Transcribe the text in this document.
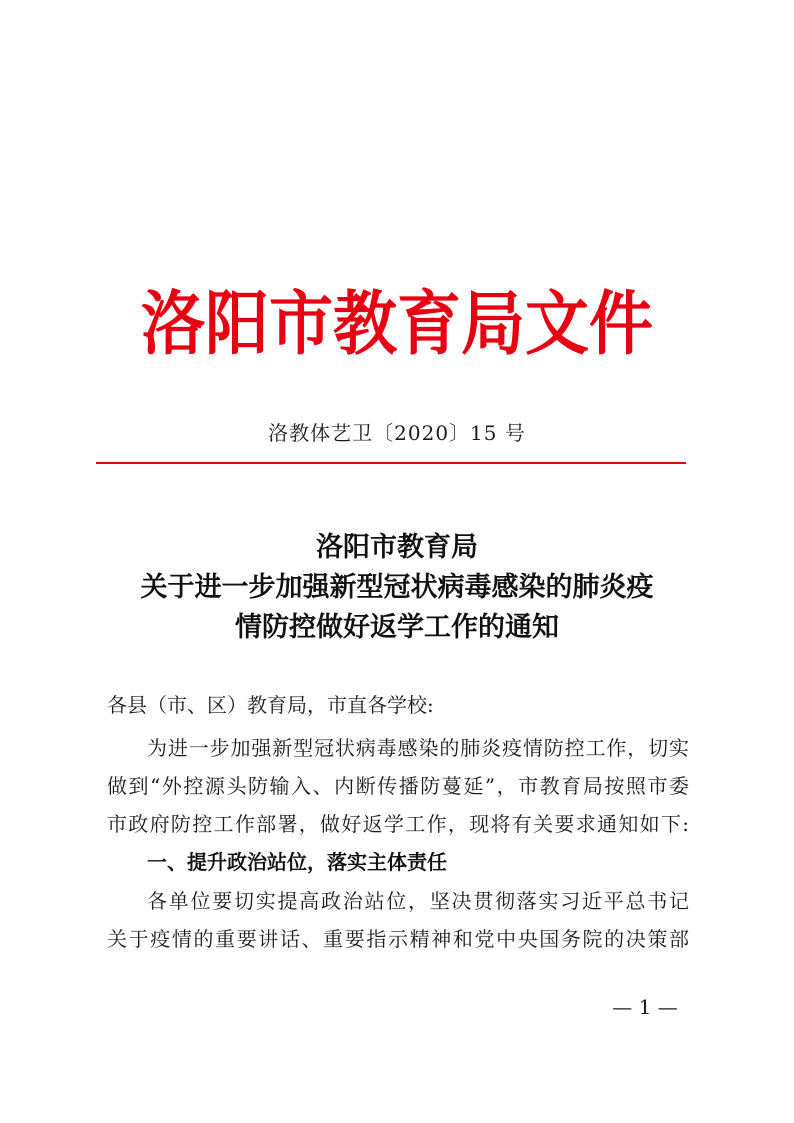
洛阳市教育局文件
洛教体艺卫〔2020〕15 号
洛阳市教育局
关于进一步加强新型冠状病毒感染的肺炎疫
情防控做好返学工作的通知
各县（市、区）教育局，市直各学校:
为进一步加强新型冠状病毒感染的肺炎疫情防控工作，切实
做到“外控源头防输入、内断传播防蔓延”，市教育局按照市委
市政府防控工作部署，做好返学工作，现将有关要求通知如下:
一、提升政治站位，落实主体责任
各单位要切实提高政治站位，坚决贯彻落实习近平总书记
关于疫情的重要讲话、重要指示精神和党中央国务院的决策部
— 1 —
